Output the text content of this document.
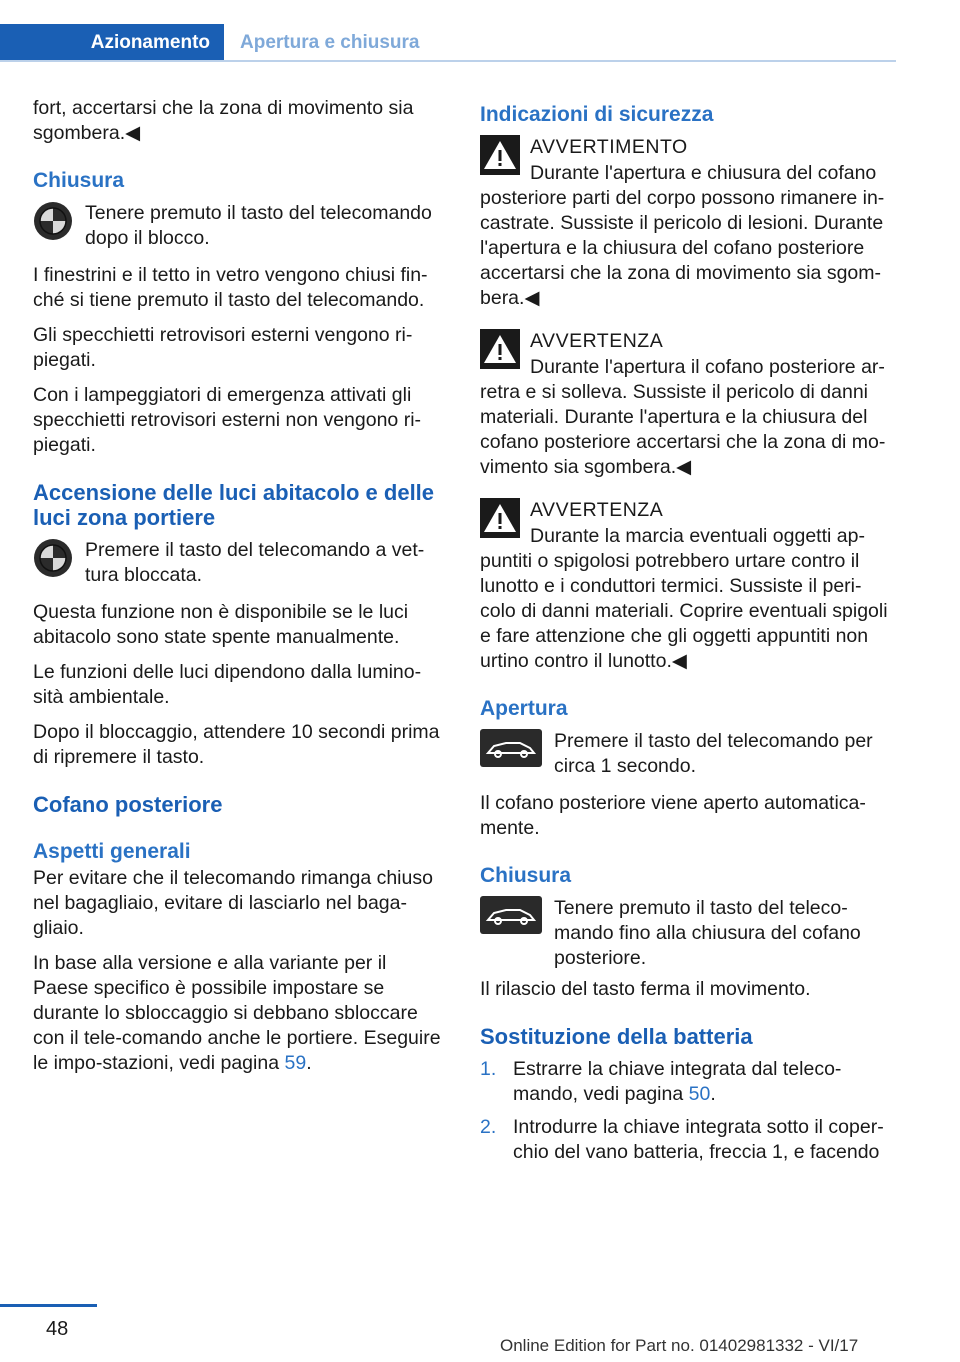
Azionamento	Apertura e chiusura

fort, accertarsi che la zona di movimento sia sgombera.◀

Chiusura
Tenere premuto il tasto del telecomando dopo il blocco.

I finestrini e il tetto in vetro vengono chiusi fin-ché si tiene premuto il tasto del telecomando.

Gli specchietti retrovisori esterni vengono ri-piegati.

Con i lampeggiatori di emergenza attivati gli specchietti retrovisori esterni non vengono ri-piegati.

Accensione delle luci abitacolo e delle luci zona portiere
Premere il tasto del telecomando a vet-tura bloccata.

Questa funzione non è disponibile se le luci abitacolo sono state spente manualmente.

Le funzioni delle luci dipendono dalla lumino-sità ambientale.

Dopo il bloccaggio, attendere 10 secondi prima di ripremere il tasto.

Cofano posteriore
Aspetti generali

Per evitare che il telecomando rimanga chiuso nel bagagliaio, evitare di lasciarlo nel baga-gliaio.

In base alla versione e alla variante per il Paese specifico è possibile impostare se durante lo sbloccaggio si debbano sbloccare con il tele-comando anche le portiere. Eseguire le impo-stazioni, vedi pagina 59.

Indicazioni di sicurezza
AVVERTIMENTO
Durante l'apertura e chiusura del cofano posteriore parti del corpo possono rimanere in-castrate. Sussiste il pericolo di lesioni. Durante l'apertura e la chiusura del cofano posteriore accertarsi che la zona di movimento sia sgom-bera.◀
AVVERTENZA
Durante l'apertura il cofano posteriore ar-retra e si solleva. Sussiste il pericolo di danni materiali. Durante l'apertura e la chiusura del cofano posteriore accertarsi che la zona di mo-vimento sia sgombera.◀
AVVERTENZA
Durante la marcia eventuali oggetti ap-puntiti o spigolosi potrebbero urtare contro il lunotto e i conduttori termici. Sussiste il peri-colo di danni materiali. Coprire eventuali spigoli e fare attenzione che gli oggetti appuntiti non urtino contro il lunotto.◀
Apertura
Premere il tasto del telecomando per circa 1 secondo.

Il cofano posteriore viene aperto automatica-mente.

Chiusura
Tenere premuto il tasto del teleco-mando fino alla chiusura del cofano posteriore.

Il rilascio del tasto ferma il movimento.

Sostituzione della batteria
1. Estrarre la chiave integrata dal teleco-mando, vedi pagina 50.
2. Introdurre la chiave integrata sotto il coper-chio del vano batteria, freccia 1, e facendo
48
Online Edition for Part no. 01402981332 - VI/17
